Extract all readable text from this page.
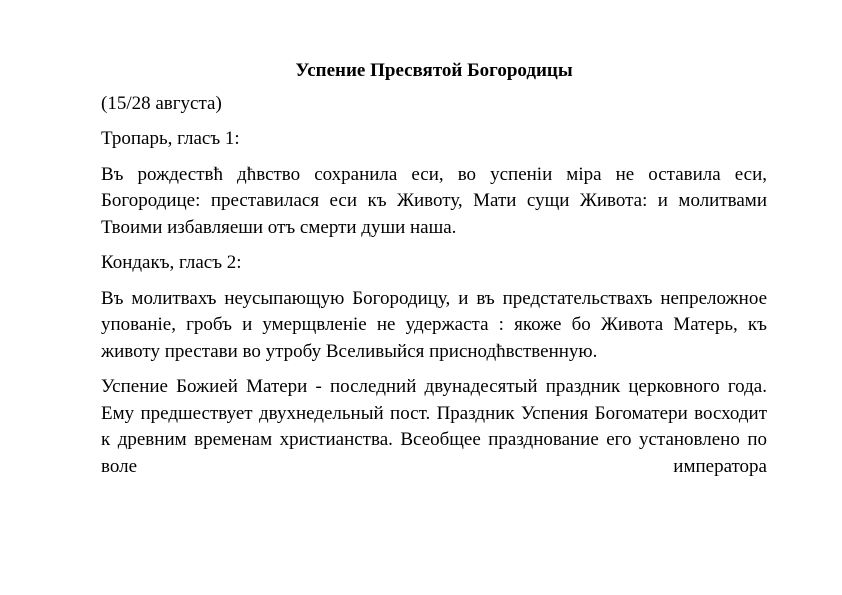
Успение Пресвятой Богородицы
(15/28 августа)
Тропарь, гласъ 1:
Въ рождествħ дħвство сохранила еси, во успеніи міра не оставила еси, Богородице: преставилася еси къ Животу, Мати сущи Живота: и молитвами Твоими избавляеши отъ смерти души наша.
Кондакъ, гласъ 2:
Въ молитвахъ неусыпающую Богородицу, и въ предстательствахъ непреложное упованіе, гробъ и умерщвленіе не удержаста : якоже бо Живота Матерь, къ животу престави во утробу Вселивыйся приснодħвственную.
Успение Божией Матери - последний двунадесятый праздник церковного года. Ему предшествует двухнедельный пост. Праздник Успения Богоматери восходит к древним временам христианства. Всеобщее празднование его установлено по воле императора
